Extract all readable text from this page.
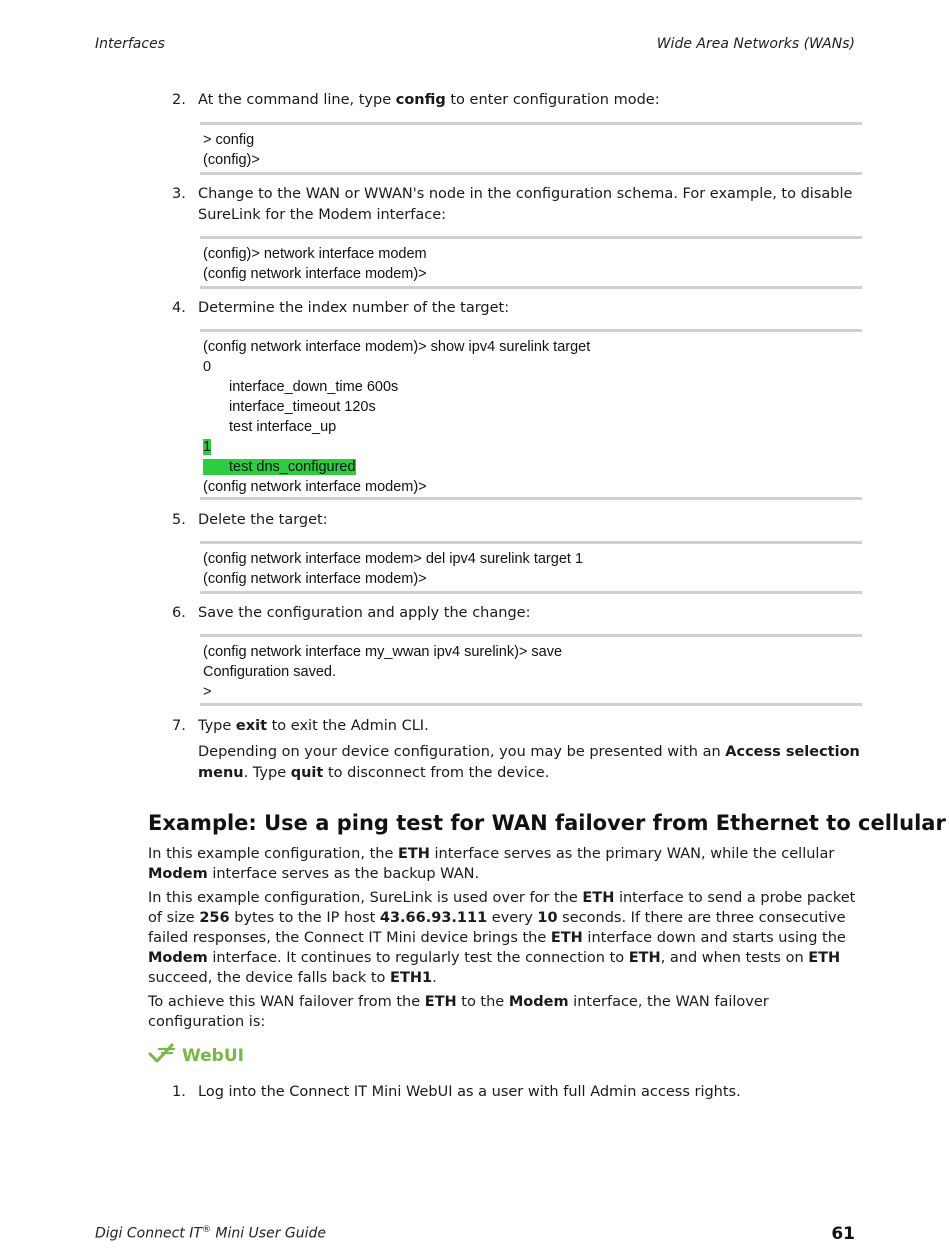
Interfaces	Wide Area Networks (WANs)
2. At the command line, type config to enter configuration mode:
> config
(config)>
3. Change to the WAN or WWAN's node in the configuration schema. For example, to disable SureLink for the Modem interface:
(config)> network interface modem
(config network interface modem)>
4. Determine the index number of the target:
(config network interface modem)> show ipv4 surelink target
0
interface_down_time 600s
interface_timeout 120s
test interface_up
1
test dns_configured
(config network interface modem)>
5. Delete the target:
(config network interface modem> del ipv4 surelink target 1
(config network interface modem)>
6. Save the configuration and apply the change:
(config network interface my_wwan ipv4 surelink)> save
Configuration saved.
>
7. Type exit to exit the Admin CLI.
Depending on your device configuration, you may be presented with an Access selection menu. Type quit to disconnect from the device.
Example: Use a ping test for WAN failover from Ethernet to cellular
In this example configuration, the ETH interface serves as the primary WAN, while the cellular Modem interface serves as the backup WAN.
In this example configuration, SureLink is used over for the ETH interface to send a probe packet of size 256 bytes to the IP host 43.66.93.111 every 10 seconds. If there are three consecutive failed responses, the Connect IT Mini device brings the ETH interface down and starts using the Modem interface. It continues to regularly test the connection to ETH, and when tests on ETH succeed, the device falls back to ETH1.
To achieve this WAN failover from the ETH to the Modem interface, the WAN failover configuration is:
WebUI
1. Log into the Connect IT Mini WebUI as a user with full Admin access rights.
Digi Connect IT® Mini User Guide	61
